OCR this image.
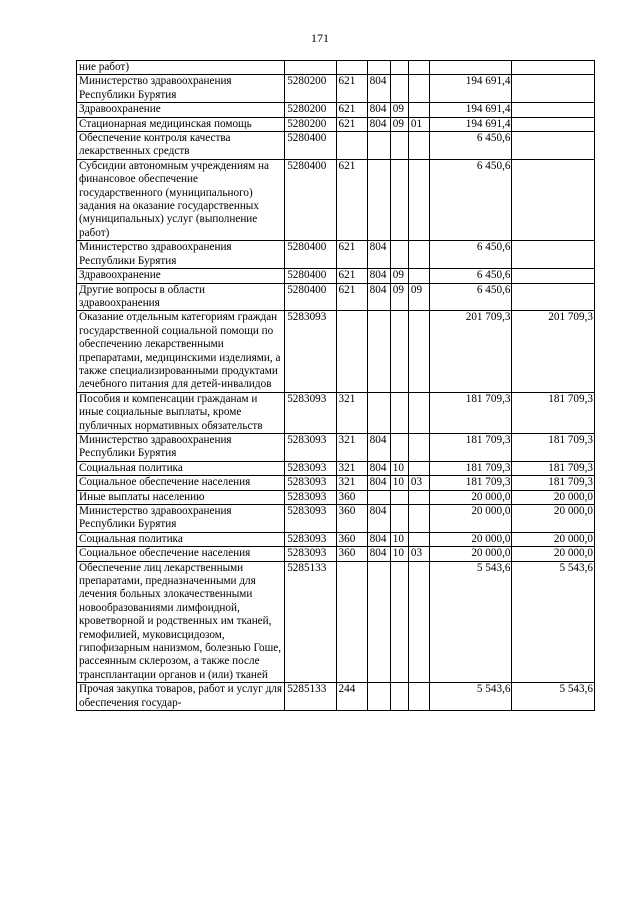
171
ние работ)							
Министерство здравоохранения Республики Бурятия	5280200	621	804			194 691,4	
Здравоохранение	5280200	621	804	09		194 691,4	
Стационарная медицинская помощь	5280200	621	804	09	01	194 691,4	
Обеспечение контроля качества лекарственных средств	5280400					6 450,6	
Субсидии автономным учреждениям на финансовое обеспечение государственного (муниципального) задания на оказание государственных (муниципальных) услуг (выполнение работ)	5280400	621				6 450,6	
Министерство здравоохранения Республики Бурятия	5280400	621	804			6 450,6	
Здравоохранение	5280400	621	804	09		6 450,6	
Другие вопросы в области здравоохранения	5280400	621	804	09	09	6 450,6	
Оказание отдельным категориям граждан государственной социальной помощи по обеспечению лекарственными препаратами, медицинскими изделиями, а также специализированными продуктами лечебного питания для детей-инвалидов	5283093					201 709,3	201 709,3
Пособия и компенсации гражданам и иные социальные выплаты, кроме публичных нормативных обязательств	5283093	321				181 709,3	181 709,3
Министерство здравоохранения Республики Бурятия	5283093	321	804			181 709,3	181 709,3
Социальная политика	5283093	321	804	10		181 709,3	181 709,3
Социальное обеспечение населения	5283093	321	804	10	03	181 709,3	181 709,3
Иные выплаты населению	5283093	360				20 000,0	20 000,0
Министерство здравоохранения Республики Бурятия	5283093	360	804			20 000,0	20 000,0
Социальная политика	5283093	360	804	10		20 000,0	20 000,0
Социальное обеспечение населения	5283093	360	804	10	03	20 000,0	20 000,0
Обеспечение лиц лекарственными препаратами, предназначенными для лечения больных злокачественными новообразованиями лимфоидной, кроветворной и родственных им тканей, гемофилией, муковисцидозом, гипофизарным нанизмом, болезнью Гоше, рассеянным склерозом, а также после трансплантации органов и (или) тканей	5285133					5 543,6	5 543,6
Прочая закупка товаров, работ и услуг для обеспечения государ-	5285133	244				5 543,6	5 543,6
